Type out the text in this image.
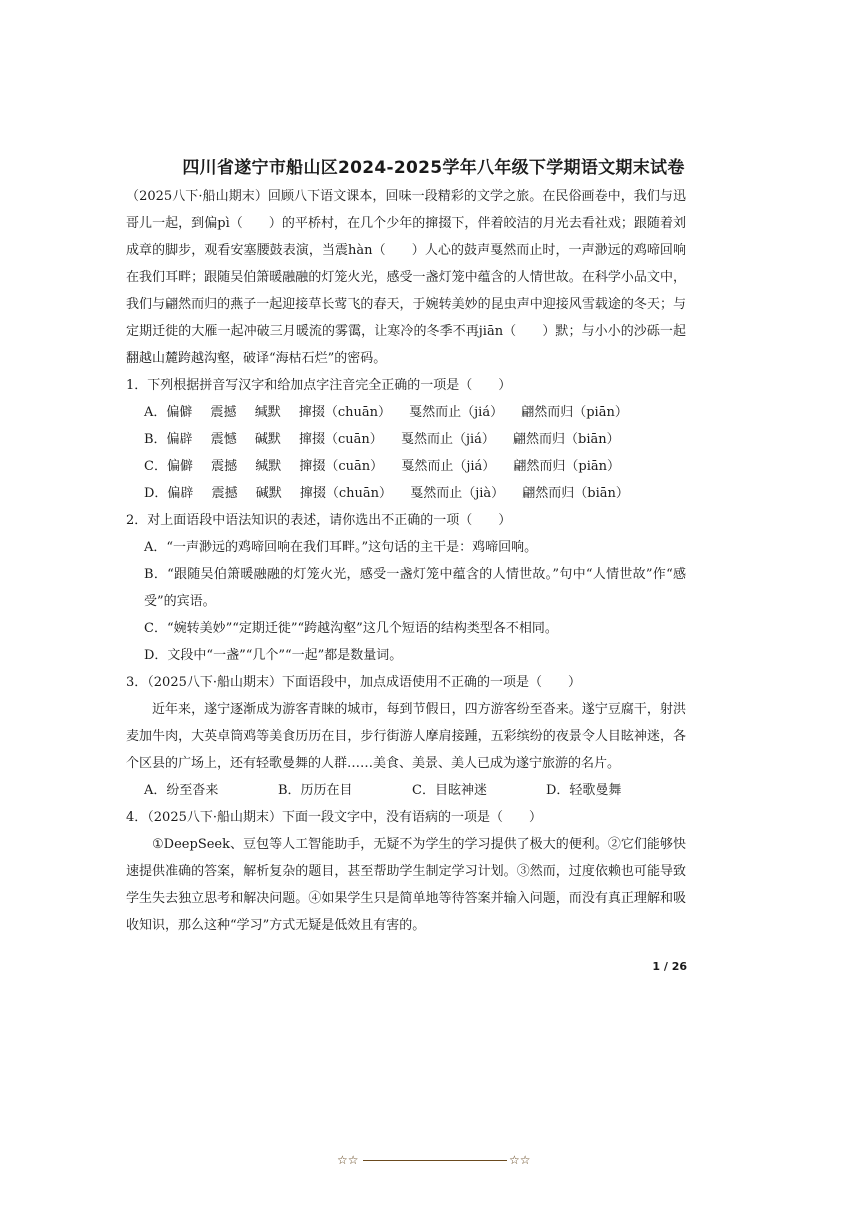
四川省遂宁市船山区2024-2025学年八年级下学期语文期末试卷

（2025八下·船山期末）回顾八下语文课本，回味一段精彩的文学之旅。在民俗画卷中，我们与迅哥儿一起，到偏pì（　　）的平桥村，在几个少年的撺掇下，伴着皎洁的月光去看社戏；跟随着刘成章的脚步，观看安塞腰鼓表演，当震hàn（　　）人心的鼓声戛然而止时，一声渺远的鸡啼回响在我们耳畔；跟随吴伯箫暖融融的灯笼火光，感受一盏灯笼中蕴含的人情世故。在科学小品文中，我们与翩然而归的燕子一起迎接草长莺飞的春天，于婉转美妙的昆虫声中迎接风雪载途的冬天；与定期迁徙的大雁一起冲破三月暖流的雾霭，让寒冷的冬季不再jiān（　　）默；与小小的沙砾一起翻越山麓跨越沟壑，破译“海枯石烂”的密码。

1．下列根据拼音写汉字和给加点字注音完全正确的一项是（　　）

A．偏僻 震撼 缄默 撺掇（chuān） 戛然而止（jiá） 翩然而归（piān）
B．偏辟 震憾 碱默 撺掇（cuān） 戛然而止（jiá） 翩然而归（biān）
C．偏僻 震撼 缄默 撺掇（cuān） 戛然而止（jiá） 翩然而归（piān）
D．偏辟 震撼 碱默 撺掇（chuān） 戛然而止（jià） 翩然而归（biān）

2．对上面语段中语法知识的表述，请你选出不正确的一项（　　）

A．“一声渺远的鸡啼回响在我们耳畔。”这句话的主干是：鸡啼回响。

B．“跟随吴伯箫暖融融的灯笼火光，感受一盏灯笼中蕴含的人情世故。”句中“人情世故”作“感受”的宾语。

C．“婉转美妙”“定期迁徙”“跨越沟壑”这几个短语的结构类型各不相同。

D．文段中“一盏”“几个”“一起”都是数量词。

3．（2025八下·船山期末）下面语段中，加点成语使用不正确的一项是（　　）

近年来，遂宁逐渐成为游客青睐的城市，每到节假日，四方游客纷至沓来。遂宁豆腐干，射洪麦加牛肉，大英卓筒鸡等美食历历在目，步行街游人摩肩接踵，五彩缤纷的夜景令人目眩神迷，各个区县的广场上，还有轻歌曼舞的人群……美食、美景、美人已成为遂宁旅游的名片。

A．纷至沓来	B．历历在目	C．目眩神迷	D．轻歌曼舞

4．（2025八下·船山期末）下面一段文字中，没有语病的一项是（　　）

①DeepSeek、豆包等人工智能助手，无疑不为学生的学习提供了极大的便利。②它们能够快速提供准确的答案，解析复杂的题目，甚至帮助学生制定学习计划。③然而，过度依赖也可能导致学生失去独立思考和解决问题。④如果学生只是简单地等待答案并输入问题，而没有真正理解和吸收知识，那么这种“学习”方式无疑是低效且有害的。

1 / 26
☆☆	☆☆
